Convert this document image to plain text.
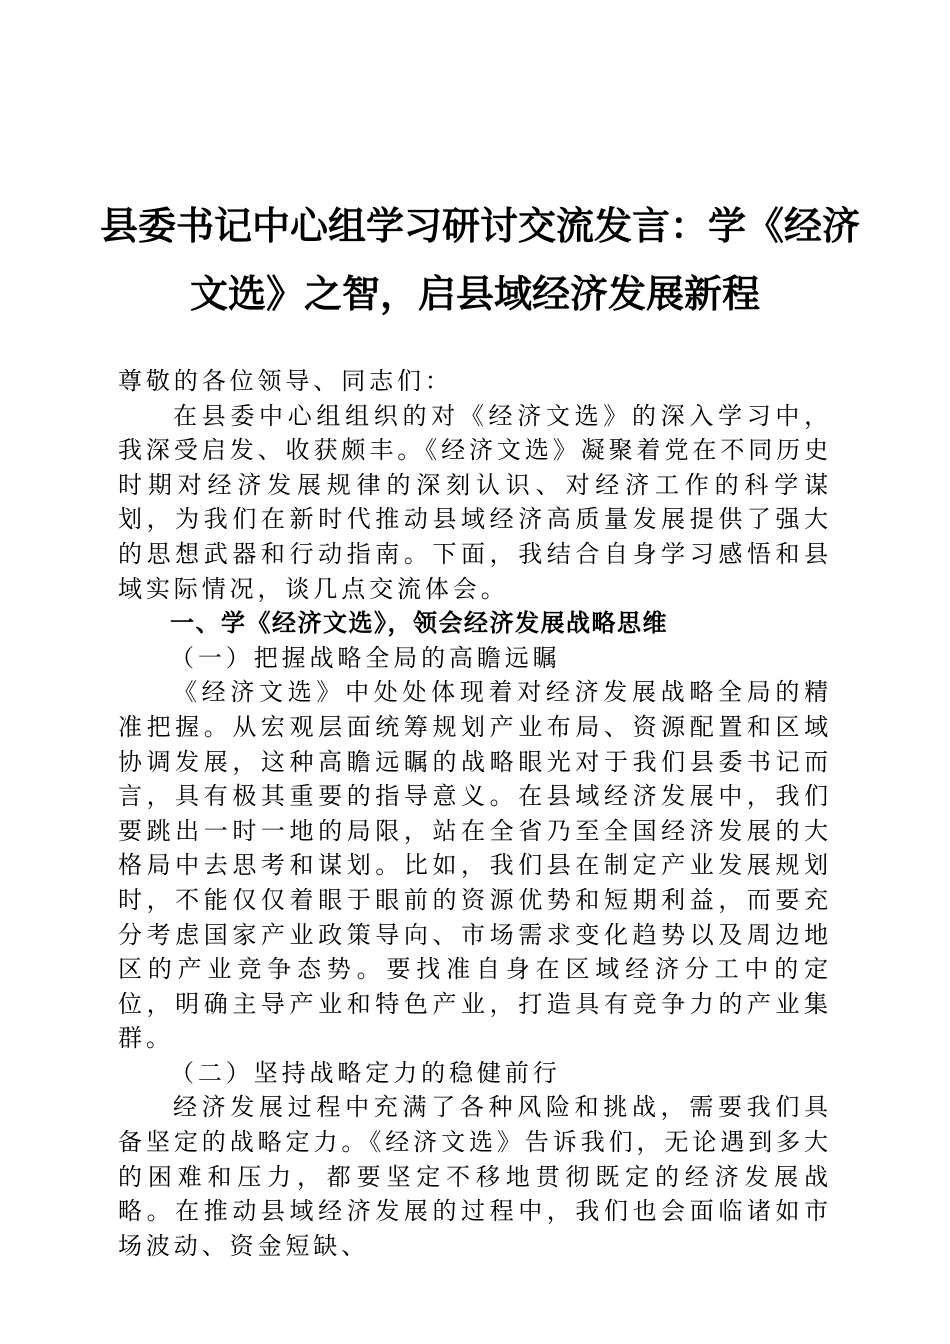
县委书记中心组学习研讨交流发言：学《经济
文选》之智，启县域经济发展新程

尊敬的各位领导、同志们：

在县委中心组组织的对《经济文选》的深入学习中，我深受启发、收获颇丰。《经济文选》凝聚着党在不同历史时期对经济发展规律的深刻认识、对经济工作的科学谋划，为我们在新时代推动县域经济高质量发展提供了强大的思想武器和行动指南。下面，我结合自身学习感悟和县域实际情况，谈几点交流体会。

一、学《经济文选》，领会经济发展战略思维

（一）把握战略全局的高瞻远瞩

《经济文选》中处处体现着对经济发展战略全局的精准把握。从宏观层面统筹规划产业布局、资源配置和区域协调发展，这种高瞻远瞩的战略眼光对于我们县委书记而言，具有极其重要的指导意义。在县域经济发展中，我们要跳出一时一地的局限，站在全省乃至全国经济发展的大格局中去思考和谋划。比如，我们县在制定产业发展规划时，不能仅仅着眼于眼前的资源优势和短期利益，而要充分考虑国家产业政策导向、市场需求变化趋势以及周边地区的产业竞争态势。要找准自身在区域经济分工中的定位，明确主导产业和特色产业，打造具有竞争力的产业集群。

（二）坚持战略定力的稳健前行

经济发展过程中充满了各种风险和挑战，需要我们具备坚定的战略定力。《经济文选》告诉我们，无论遇到多大的困难和压力，都要坚定不移地贯彻既定的经济发展战略。在推动县域经济发展的过程中，我们也会面临诸如市场波动、资金短缺、
